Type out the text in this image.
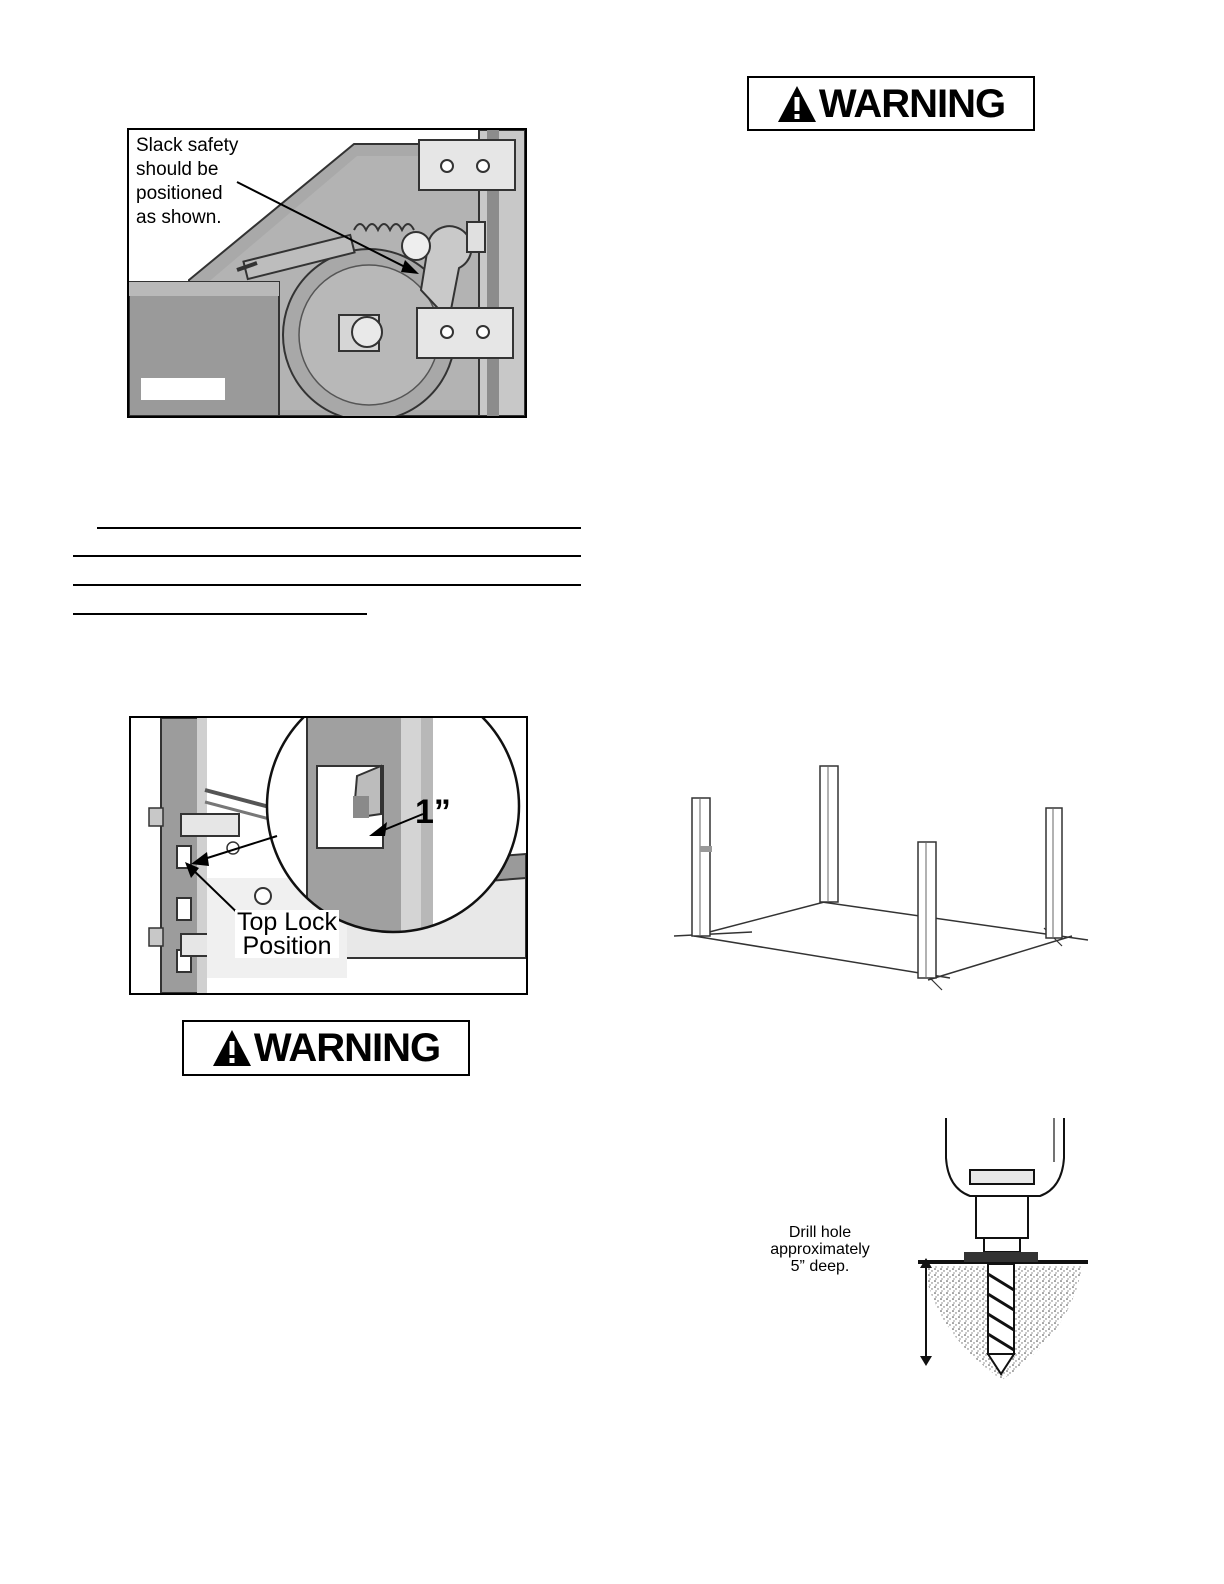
Slack safety
should be
positioned
as shown.
1”
Top Lock
Position
WARNING
WARNING
Drill hole
approximately
5” deep.
